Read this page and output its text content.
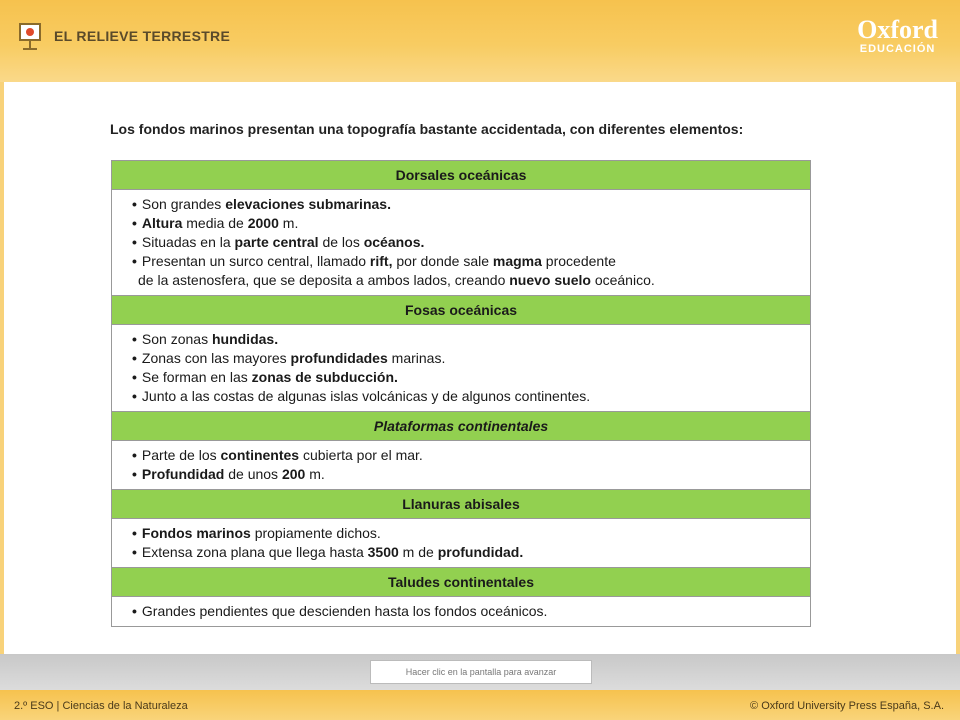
EL RELIEVE TERRESTRE	Oxford
EDUCACIÓN
Los fondos marinos presentan una topografía bastante accidentada, con diferentes elementos:
Dorsales oceánicas
• Son grandes elevaciones submarinas.
• Altura media de 2000 m.
• Situadas en la parte central de los océanos.
• Presentan un surco central, llamado rift, por donde sale magma procedente
de la astenosfera, que se deposita a ambos lados, creando nuevo suelo oceánico.
Fosas oceánicas
• Son zonas hundidas.
• Zonas con las mayores profundidades marinas.
• Se forman en las zonas de subducción.
• Junto a las costas de algunas islas volcánicas y de algunos continentes.
Plataformas continentales
• Parte de los continentes cubierta por el mar.
• Profundidad de unos 200 m.
Llanuras abisales
• Fondos marinos propiamente dichos.
• Extensa zona plana que llega hasta 3500 m de profundidad.
Taludes continentales
• Grandes pendientes que descienden hasta los fondos oceánicos.
Hacer clic en la pantalla para avanzar
2.º ESO | Ciencias de la Naturaleza	© Oxford University Press España, S.A.
